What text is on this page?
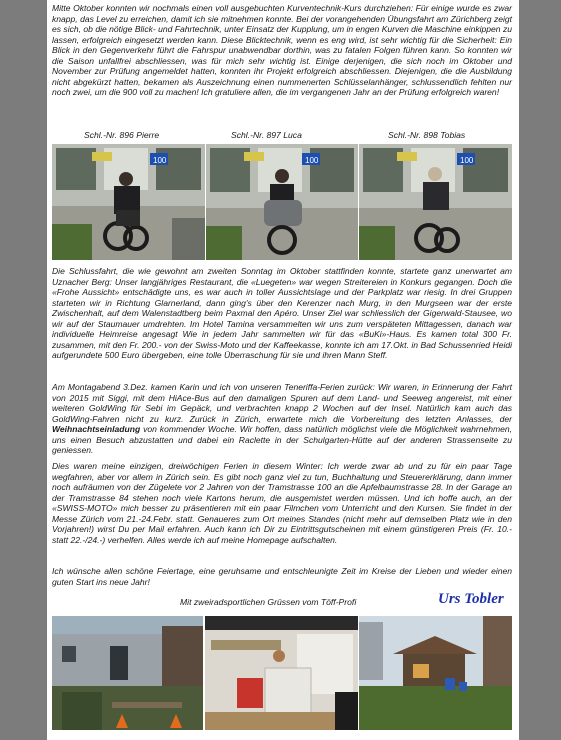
Mitte Oktober konnten wir nochmals einen voll ausgebuchten Kurventechnik-Kurs durchziehen: Für einige wurde es zwar knapp, das Level zu erreichen, damit ich sie mitnehmen konnte. Bei der vorangehenden Übungsfahrt am Zürichberg zeigt es sich, ob die nötige Blick- und Fahrtechnik, unter Einsatz der Kupplung, um in engen Kurven die Maschine einkippen zu lassen, erfolgreich eingesetzt werden kann. Diese Blicktechnik, wenn es eng wird, ist sehr wichtig für die Sicherheit: Ein Blick in den Gegenverkehr führt die Fahrspur unabwendbar dorthin, was zu fatalen Folgen führen kann. So konnten wir die Saison unfallfrei abschliessen, was für mich sehr wichtig ist. Einige derjenigen, die sich noch im Oktober und November zur Prüfung angemeldet hatten, konnten ihr Projekt erfolgreich abschliessen. Diejenigen, die die Ausbildung nicht abgekürzt hatten, bekamen als Auszeichnung einen nummenerten Schlüsselanhänger, schlussendlich fehlten nur noch zwei, um die 900 voll zu machen! Ich gratuliere allen, die im vergangenen Jahr an der Prüfung erfolgreich waren!

Schl.-Nr. 896 Pierre	Schl.-Nr. 897 Luca	Schl.-Nr. 898 Tobias
100	100	100

Die Schlussfahrt, die wie gewohnt am zweiten Sonntag im Oktober stattfinden konnte, startete ganz unerwartet am Uznacher Berg: Unser langjähriges Restaurant, die «Luegeten» war wegen Streitereien in Konkurs gegangen. Doch die «Frohe Aussicht» entschädigte uns, es war auch in toller Aussichtslage und der Parkplatz war riesig. In drei Gruppen starteten wir in Richtung Glarnerland, dann ging's über den Kerenzer nach Murg, in den Murgseen war der erste Zwischenhalt, auf dem Walenstadtberg beim Paxmal den Apéro. Unser Ziel war schliesslich der Gigerwald-Stausee, wo wir auf der Staumauer umdrehten. Im Hotel Tamina versammelten wir uns zum verspäteten Mittagessen, danach war individuelle Heimreise angesagt Wie in jedem Jahr sammelten wir für das «BuKi»-Haus. Es kamen total 300 Fr. zusammen, mit den Fr. 200.- von der Swiss-Moto und der Kaffeekasse, konnte ich am 17.Okt. in Bad Schussenried Heidi aufgerundete 500 Euro übergeben, eine tolle Überraschung für sie und ihren Mann Steff.

Am Montagabend 3.Dez. kamen Karin und ich von unseren Teneriffa-Ferien zurück: Wir waren, in Erinnerung der Fahrt von 2015 mit Siggi, mit dem HiAce-Bus auf den damaligen Spuren auf dem Land- und Seeweg angereist, mit einer weiteren GoldWing für Sebi im Gepäck, und verbrachten knapp 2 Wochen auf der Insel. Natürlich kam auch das GoldWing-Fahren nicht zu kurz. Zurück in Zürich, erwartete mich die Vorbereitung des letzten Anlasses, der Weihnachtseinladung von kommender Woche. Wir hoffen, dass natürlich möglichst viele die Möglichkeit wahrnehmen, uns einen Besuch abzustatten und dabei ein Raclette in der Schulgarten-Hütte auf der anderen Strassenseite zu geniessen.

Dies waren meine einzigen, dreiwöchigen Ferien in diesem Winter: Ich werde zwar ab und zu für ein paar Tage wegfahren, aber vor allem in Zürich sein. Es gibt noch ganz viel zu tun, Buchhaltung und Steuererklärung, dann immer noch aufräumen von der Zügelete vor 2 Jahren von der Tramstrasse 100 an die Apfelbaumstrasse 28. In der Garage an der Tramstrasse 84 stehen noch viele Kartons herum, die ausgemistet werden müssen. Und ich hoffe auch, an der «SWISS-MOTO» mich besser zu präsentieren mit ein paar Filmchen vom Unterricht und den Kursen. Sie findet in der Messe Zürich vom 21.-24.Febr. statt. Genaueres zum Ort meines Standes (nicht mehr auf demselben Platz wie in den Vorjahren!) wirst Du per Mail erfahren. Auch kann ich Dir zu Eintrittsgutscheinen mit einem günstigeren Preis (Fr. 10.- statt 22.-/24.-) verhelfen. Alles werde ich auf meine Homepage aufschalten.

Ich wünsche allen schöne Feiertage, eine geruhsame und entschleunigte Zeit im Kreise der Lieben und wieder einen guten Start ins neue Jahr!

Mit zweiradsportlichen Grüssen vom Töff-Profi	Urs Tobler
